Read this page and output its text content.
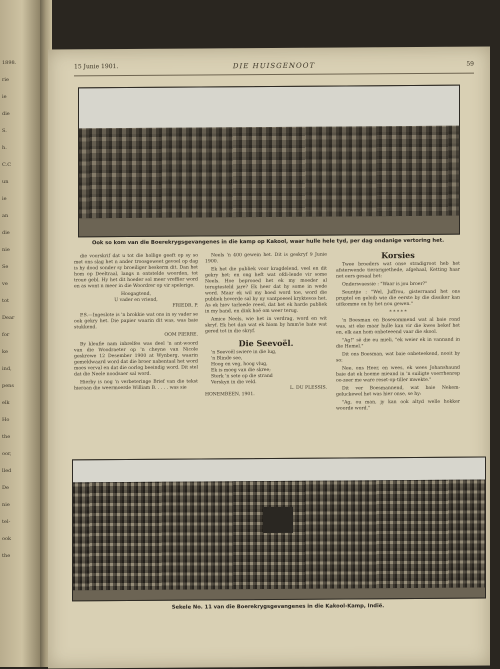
1898.
rie
ie
die
S.
h.
C.C
un
ie
an
die
nie
Se
ve
tot
Dear
for
ke
ind,
pens
elk
Ho
the
oor,
lled
De
nie
tel-
ook
the
15 Junie 1901.	DIE HUISGENOOT	59
Ook so kom van die Boerekrygsgevangenes in die kamp op Kakool, waar hulle hele tyd, per dag ondanige vertoring het.

die voorskrif dat u tot die hollige geeft op sy so met ons slag het n ander troosgeweet gevoel op dag is hy dood sonder sy broeiliger beskerm dit. Dan het hom op Deeltraal, langs n ontstelde woorden, tot troue gebl. Hy het dit hoeder sol meer vreffier word en as wont n meer in die Woordrer op vir spelerige.

Hoogagtend,
U vader en vriend,
FRIEDR. P.

P.S.—Ingeslote is 'n brokkie wat ons in sy vader se ook gekry het. Die papier waarin dit was, was baie stukkend.

OOM PIERRE.

By kleufie nam inbrelfes was deel 'n ant-woord van die Woodraeter op 'n cheyne van Nicole geskrewe 12 Desember 1900 at Wynberg, waarin gemeldwaard word dat die broer nabentaal het word moes verval en dat die oorlog beeindig word. Dit stel dat die Neele noodsaer sal word.

Hierby is nog 'n verbeteringe Brief van die tekst hieraan die weermoerde William B. . . . . was sie

Neels 'n 400 gewein het. Dit is geskryf 9 Junie 1900.

Ek het die publiek voor kragdelend, veel en dit gekry het; en ong heft wat ofdi-lende vir some Neels. Hoe beprooed het ek my moeder al terugtesteld jare? Ek heer dat hy some in wede word. Maar ek wil my hoed word toe, word die publiek hoverde sal by ny vantpoeeel kryktevos het. As ek hiev tarleede reeel, dat het ek harde publiek in my band, en dink hoë om weer terug.

Amice Neels, wie het in verdrag, word en wit skryf. Ek het dan wat ek hiom by hmm'ie bate wat gered tot in die skryf.

Die Seevoël.
'n Seevoël swiere in die lug,
'n Blinde see,
Hoog en veg, hoog vlug,
Ek is moeg van die skree;
Sterk 'n sete op die strand
Verskyn in die veld.
L. DU PLESSIS.
HONEMBEEN, 1901.
Korsies

Twee broeders wat onse stradigroot heb het afsterwende tierarigiethede, afgehaal, Ketting haar net eers gesaal het:

Ondersvaessie : "Waar is jou broer?"

Seuntjie : "Wel, Juffrou, gisterraand het ons pruptel en geloib wie die eerste by die dissiker kan uitkomme on hy het nou gewen."

* * * * *

'n Boesman en Bosesommend wat al baie rond was, sit eke maar hulle kan vir die kwes bekef het en, elk aan hom onbeteeend vaar die skool.

"Ag!" sê die eu mieli, "ek weier ek in vannand in die Hemel."

Dit ons Boesman, wat baie onbeteekend, nooit by so:

Nee, ons Heer, en wees, ek wees Johanshaund baie dat ek hoeme mieand in 'n suiligte voerrhenrep oo-zeer me ware reset-op-tiller mwekte."

Dit ver Boesmannend, wat baie Nekem-geluckewel het was hier onse, se hy:

"Ag, ou man, jy kan ook altyd welle hokker woorde word."

Sekele No. 11 van die Boerekrygsgevangenes in die Kakool-Kamp, Indië.
